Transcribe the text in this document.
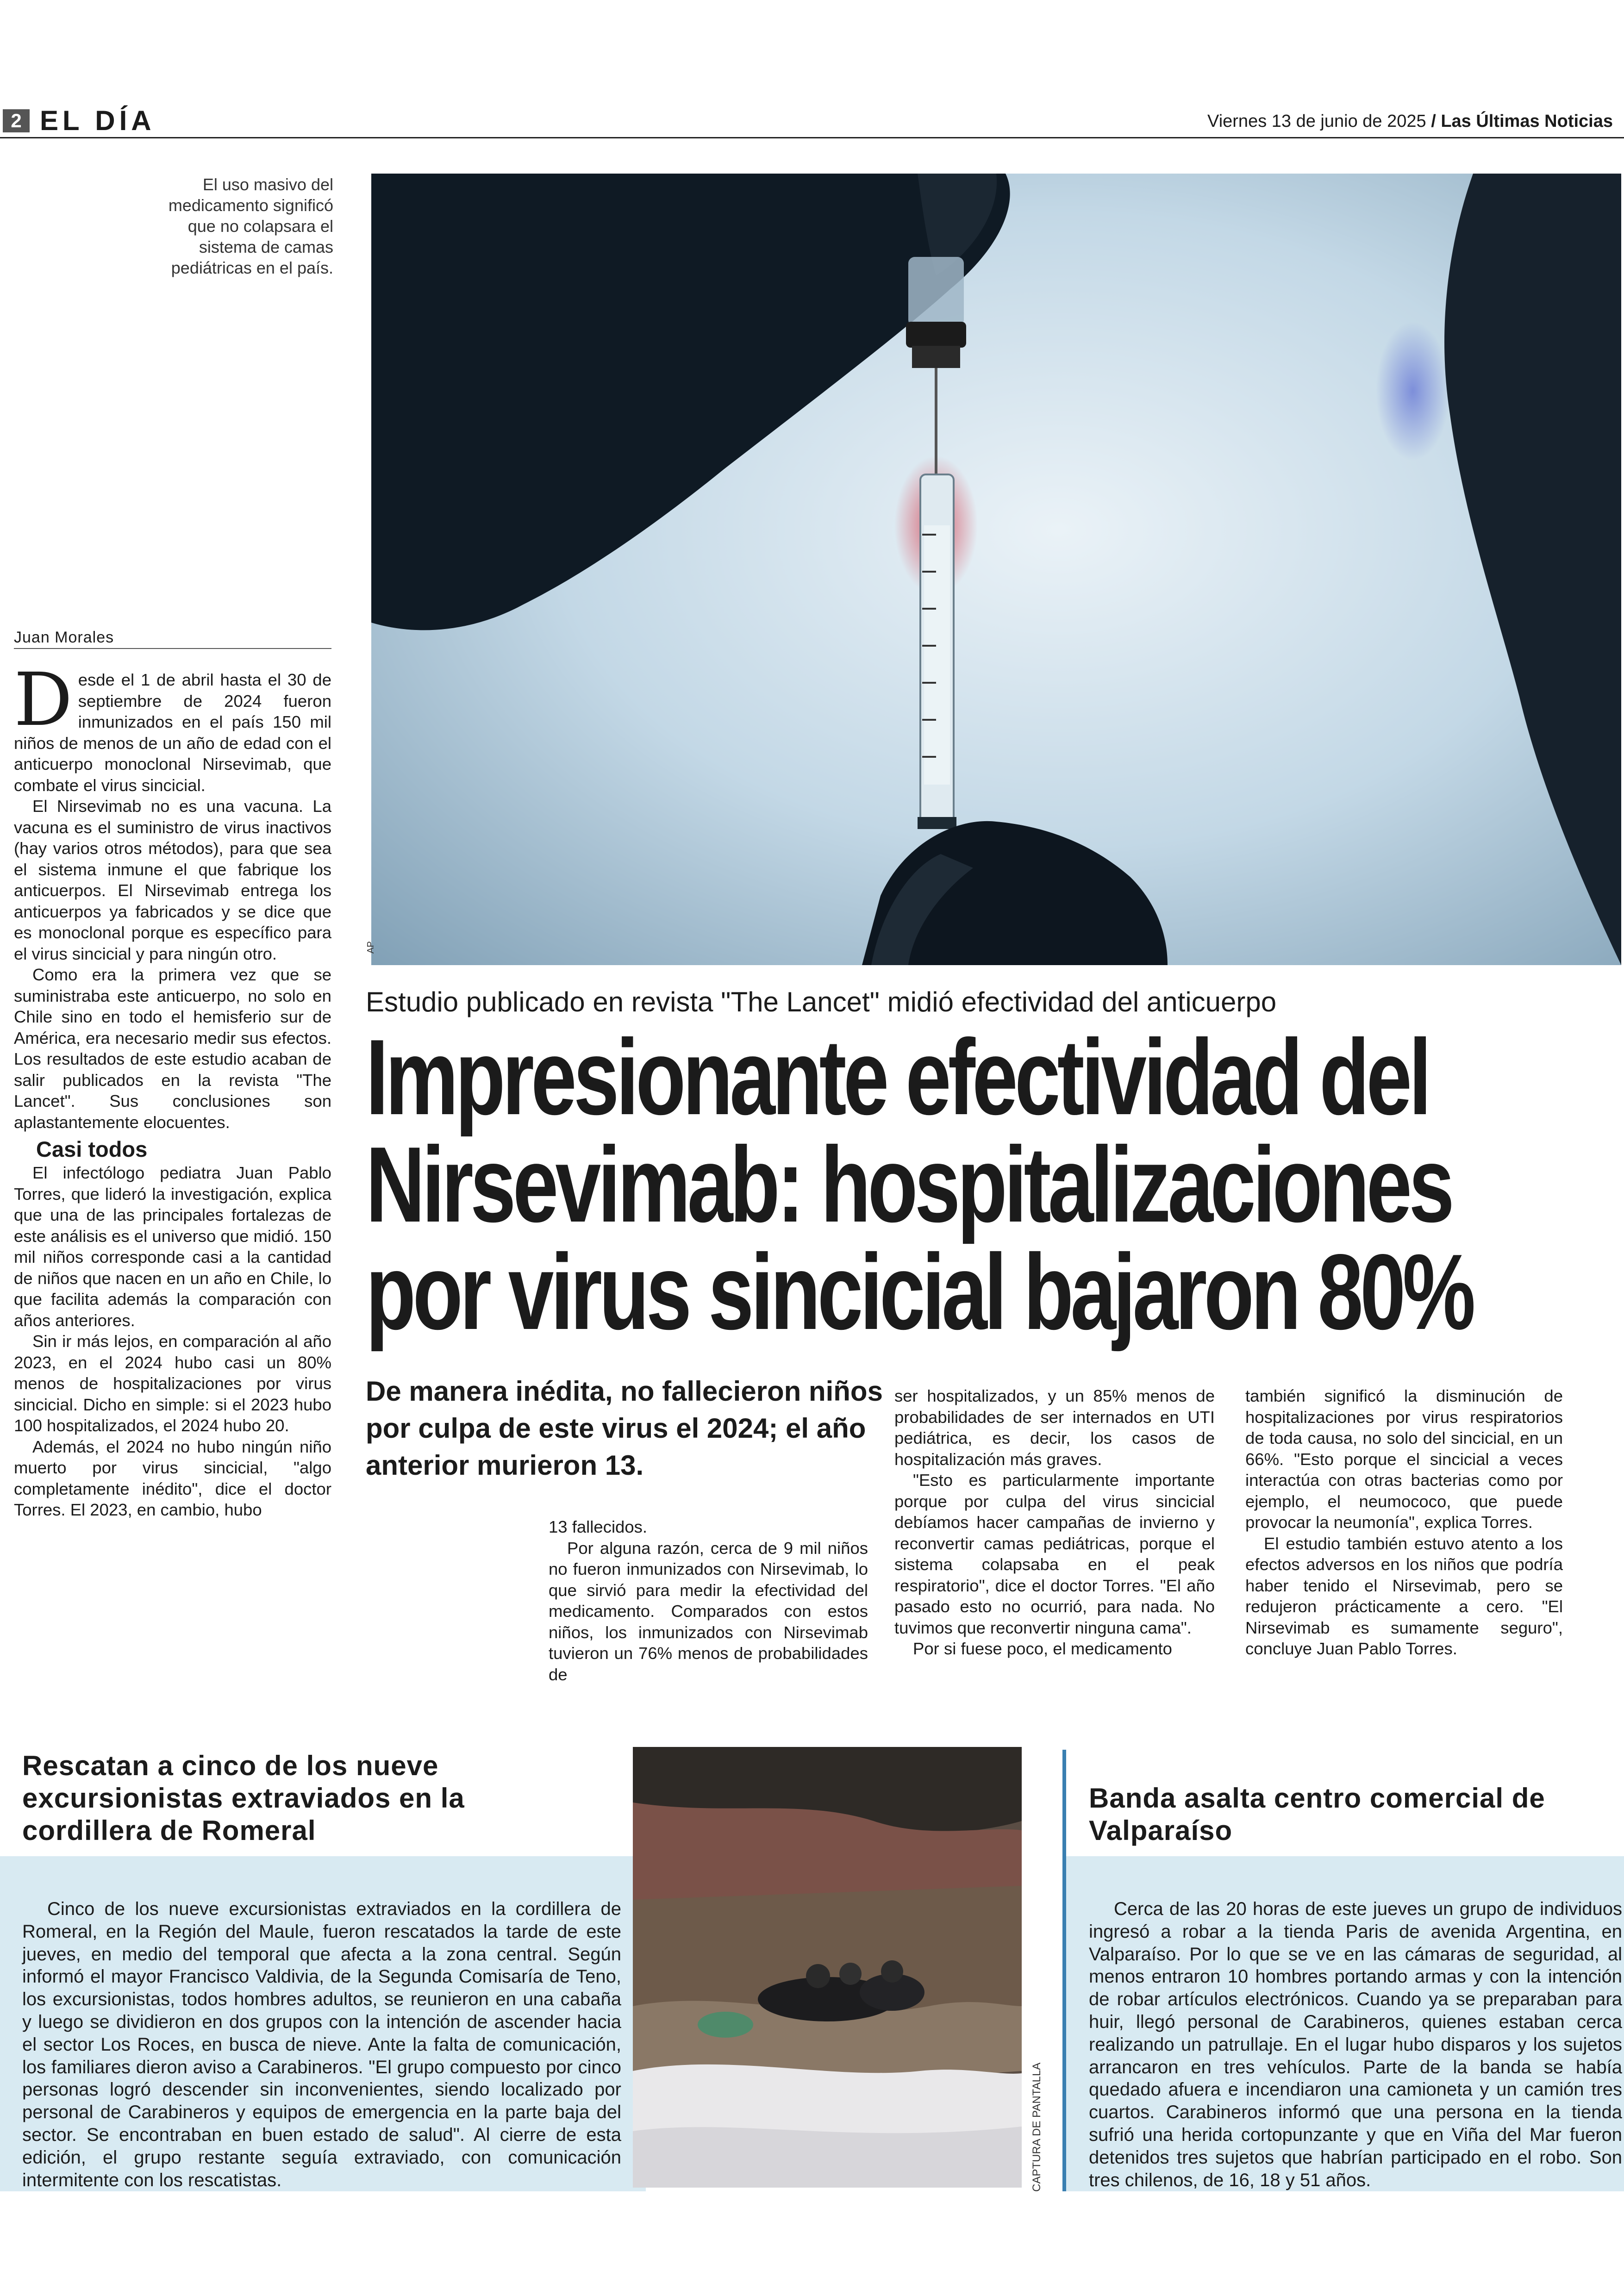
2 EL DÍA	Viernes 13 de junio de 2025 / Las Últimas Noticias
El uso masivo del medicamento significó que no colapsara el sistema de camas pediátricas en el país.
AP
Juan Morales

Desde el 1 de abril hasta el 30 de septiembre de 2024 fueron inmunizados en el país 150 mil niños de menos de un año de edad con el anticuerpo monoclonal Nirsevimab, que combate el virus sincicial.

El Nirsevimab no es una vacuna. La vacuna es el suministro de virus inactivos (hay varios otros métodos), para que sea el sistema inmune el que fabrique los anticuerpos. El Nirsevimab entrega los anticuerpos ya fabricados y se dice que es monoclonal porque es específico para el virus sincicial y para ningún otro.

Como era la primera vez que se suministraba este anticuerpo, no solo en Chile sino en todo el hemisferio sur de América, era necesario medir sus efectos. Los resultados de este estudio acaban de salir publicados en la revista "The Lancet". Sus conclusiones son aplastantemente elocuentes.

Casi todos

El infectólogo pediatra Juan Pablo Torres, que lideró la investigación, explica que una de las principales fortalezas de este análisis es el universo que midió. 150 mil niños corresponde casi a la cantidad de niños que nacen en un año en Chile, lo que facilita además la comparación con años anteriores.

Sin ir más lejos, en comparación al año 2023, en el 2024 hubo casi un 80% menos de hospitalizaciones por virus sincicial. Dicho en simple: si el 2023 hubo 100 hospitalizados, el 2024 hubo 20.

Además, el 2024 no hubo ningún niño muerto por virus sincicial, "algo completamente inédito", dice el doctor Torres. El 2023, en cambio, hubo

Estudio publicado en revista "The Lancet" midió efectividad del anticuerpo
Impresionante efectividad del
Nirsevimab: hospitalizaciones
por virus sincicial bajaron 80%
De manera inédita, no fallecieron niños por culpa de este virus el 2024; el año anterior murieron 13.

13 fallecidos.

Por alguna razón, cerca de 9 mil niños no fueron inmunizados con Nirsevimab, lo que sirvió para medir la efectividad del medicamento. Comparados con estos niños, los inmunizados con Nirsevimab tuvieron un 76% menos de probabilidades de

ser hospitalizados, y un 85% menos de probabilidades de ser internados en UTI pediátrica, es decir, los casos de hospitalización más graves.

"Esto es particularmente importante porque por culpa del virus sincicial debíamos hacer campañas de invierno y reconvertir camas pediátricas, porque el sistema colapsaba en el peak respiratorio", dice el doctor Torres. "El año pasado esto no ocurrió, para nada. No tuvimos que reconvertir ninguna cama".

Por si fuese poco, el medicamento

también significó la disminución de hospitalizaciones por virus respiratorios de toda causa, no solo del sincicial, en un 66%. "Esto porque el sincicial a veces interactúa con otras bacterias como por ejemplo, el neumococo, que puede provocar la neumonía", explica Torres.

El estudio también estuvo atento a los efectos adversos en los niños que podría haber tenido el Nirsevimab, pero se redujeron prácticamente a cero. "El Nirsevimab es sumamente seguro", concluye Juan Pablo Torres.

Rescatan a cinco de los nueve excursionistas extraviados en la cordillera de Romeral

Cinco de los nueve excursionistas extraviados en la cordillera de Romeral, en la Región del Maule, fueron rescatados la tarde de este jueves, en medio del temporal que afecta a la zona central. Según informó el mayor Francisco Valdivia, de la Segunda Comisaría de Teno, los excursionistas, todos hombres adultos, se reunieron en una cabaña y luego se dividieron en dos grupos con la intención de ascender hacia el sector Los Roces, en busca de nieve. Ante la falta de comunicación, los familiares dieron aviso a Carabineros. "El grupo compuesto por cinco personas logró descender sin inconvenientes, siendo localizado por personal de Carabineros y equipos de emergencia en la parte baja del sector. Se encontraban en buen estado de salud". Al cierre de esta edición, el grupo restante seguía extraviado, con comunicación intermitente con los rescatistas.	CAPTURA DE PANTALLA
Banda asalta centro comercial de Valparaíso

Cerca de las 20 horas de este jueves un grupo de individuos ingresó a robar a la tienda Paris de avenida Argentina, en Valparaíso. Por lo que se ve en las cámaras de seguridad, al menos entraron 10 hombres portando armas y con la intención de robar artículos electrónicos. Cuando ya se preparaban para huir, llegó personal de Carabineros, quienes estaban cerca realizando un patrullaje. En el lugar hubo disparos y los sujetos arrancaron en tres vehículos. Parte de la banda se había quedado afuera e incendiaron una camioneta y un camión tres cuartos. Carabineros informó que una persona en la tienda sufrió una herida cortopunzante y que en Viña del Mar fueron detenidos tres sujetos que habrían participado en el robo. Son tres chilenos, de 16, 18 y 51 años.
